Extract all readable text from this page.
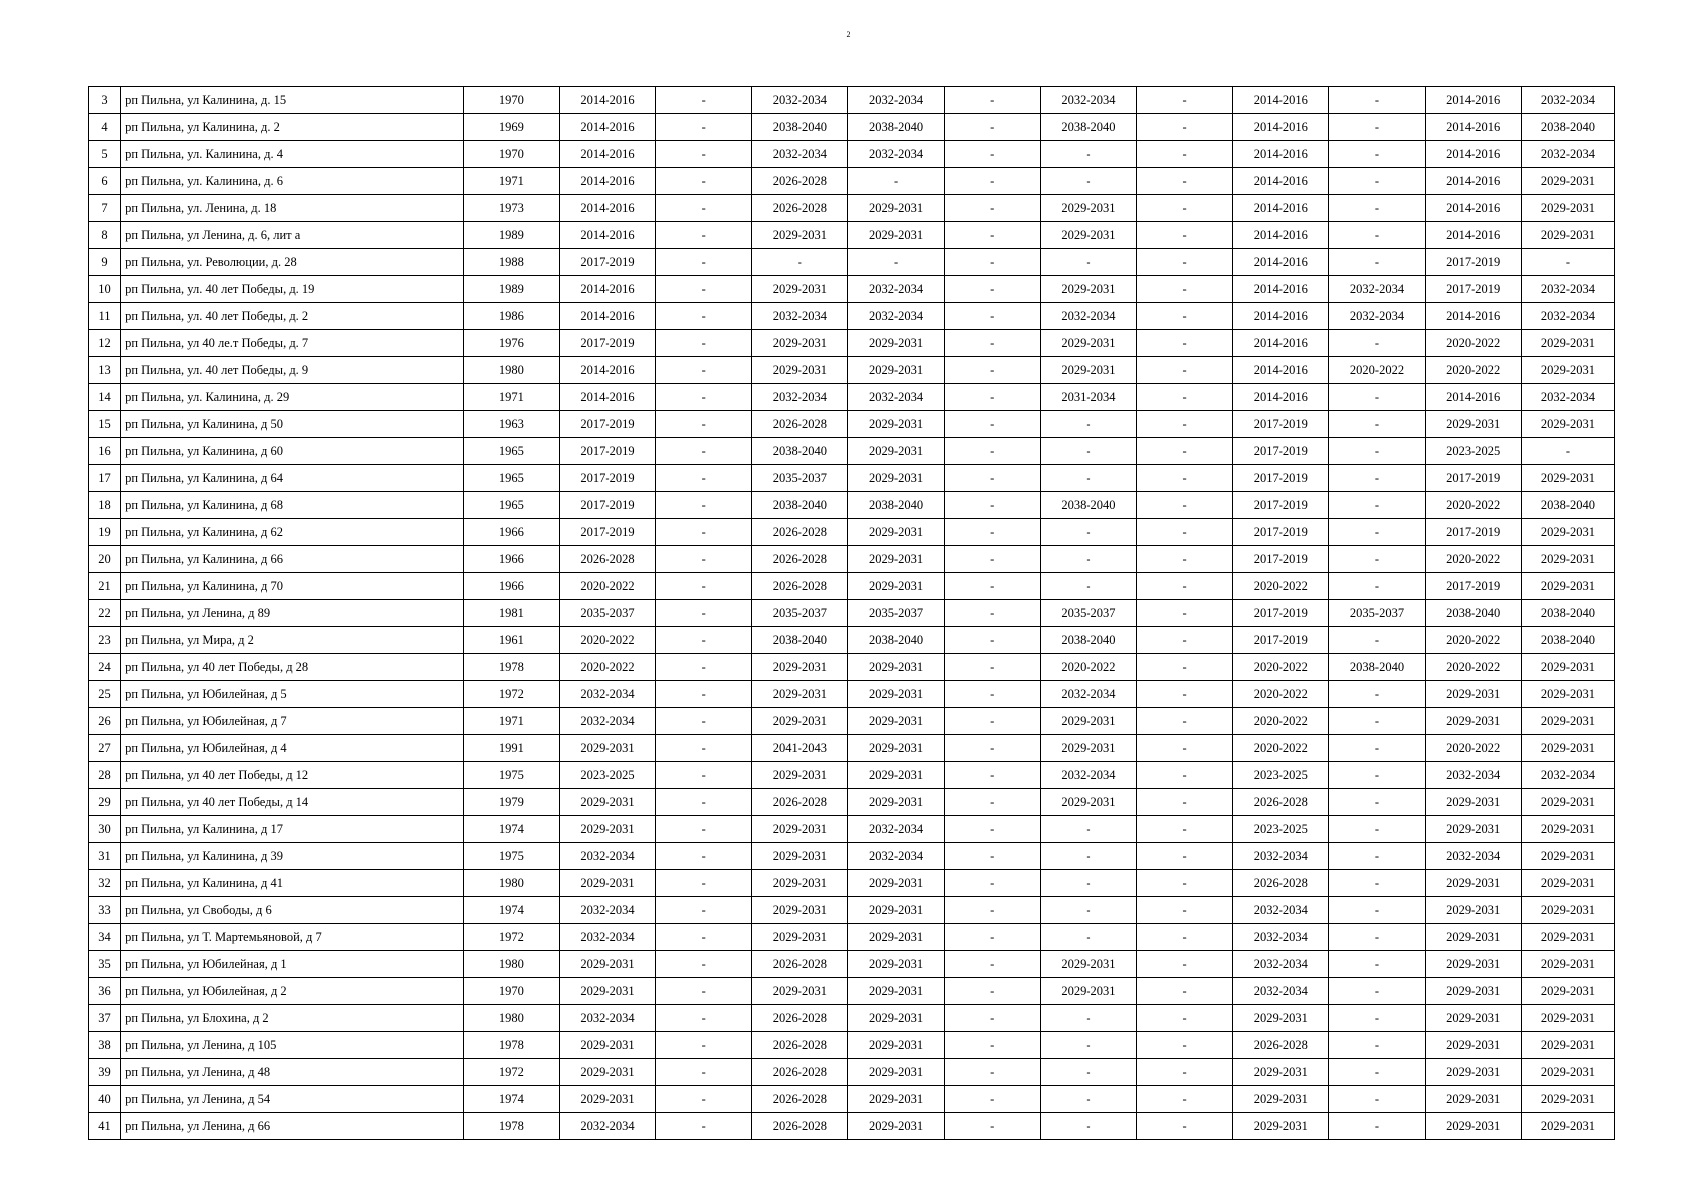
2
3	рп Пильна, ул Калинина, д. 15	1970	2014-2016	-	2032-2034	2032-2034	-	2032-2034	-	2014-2016	-	2014-2016	2032-2034
4	рп Пильна, ул Калинина, д. 2	1969	2014-2016	-	2038-2040	2038-2040	-	2038-2040	-	2014-2016	-	2014-2016	2038-2040
5	рп Пильна, ул. Калинина, д. 4	1970	2014-2016	-	2032-2034	2032-2034	-	-	-	2014-2016	-	2014-2016	2032-2034
6	рп Пильна, ул. Калинина, д. 6	1971	2014-2016	-	2026-2028	-	-	-	-	2014-2016	-	2014-2016	2029-2031
7	рп Пильна, ул. Ленина, д. 18	1973	2014-2016	-	2026-2028	2029-2031	-	2029-2031	-	2014-2016	-	2014-2016	2029-2031
8	рп Пильна, ул Ленина, д. 6, лит а	1989	2014-2016	-	2029-2031	2029-2031	-	2029-2031	-	2014-2016	-	2014-2016	2029-2031
9	рп Пильна, ул. Революции, д. 28	1988	2017-2019	-	-	-	-	-	-	2014-2016	-	2017-2019	-
10	рп Пильна, ул. 40 лет Победы, д. 19	1989	2014-2016	-	2029-2031	2032-2034	-	2029-2031	-	2014-2016	2032-2034	2017-2019	2032-2034
11	рп Пильна, ул. 40 лет Победы, д. 2	1986	2014-2016	-	2032-2034	2032-2034	-	2032-2034	-	2014-2016	2032-2034	2014-2016	2032-2034
12	рп Пильна, ул 40 ле.т Победы, д. 7	1976	2017-2019	-	2029-2031	2029-2031	-	2029-2031	-	2014-2016	-	2020-2022	2029-2031
13	рп Пильна, ул. 40 лет Победы, д. 9	1980	2014-2016	-	2029-2031	2029-2031	-	2029-2031	-	2014-2016	2020-2022	2020-2022	2029-2031
14	рп Пильна, ул. Калинина, д. 29	1971	2014-2016	-	2032-2034	2032-2034	-	2031-2034	-	2014-2016	-	2014-2016	2032-2034
15	рп Пильна, ул Калинина, д 50	1963	2017-2019	-	2026-2028	2029-2031	-	-	-	2017-2019	-	2029-2031	2029-2031
16	рп Пильна, ул Калинина, д 60	1965	2017-2019	-	2038-2040	2029-2031	-	-	-	2017-2019	-	2023-2025	-
17	рп Пильна, ул Калинина, д 64	1965	2017-2019	-	2035-2037	2029-2031	-	-	-	2017-2019	-	2017-2019	2029-2031
18	рп Пильна, ул Калинина, д 68	1965	2017-2019	-	2038-2040	2038-2040	-	2038-2040	-	2017-2019	-	2020-2022	2038-2040
19	рп Пильна, ул Калинина, д 62	1966	2017-2019	-	2026-2028	2029-2031	-	-	-	2017-2019	-	2017-2019	2029-2031
20	рп Пильна, ул Калинина, д 66	1966	2026-2028	-	2026-2028	2029-2031	-	-	-	2017-2019	-	2020-2022	2029-2031
21	рп Пильна, ул Калинина, д 70	1966	2020-2022	-	2026-2028	2029-2031	-	-	-	2020-2022	-	2017-2019	2029-2031
22	рп Пильна, ул Ленина, д 89	1981	2035-2037	-	2035-2037	2035-2037	-	2035-2037	-	2017-2019	2035-2037	2038-2040	2038-2040
23	рп Пильна, ул Мира, д 2	1961	2020-2022	-	2038-2040	2038-2040	-	2038-2040	-	2017-2019	-	2020-2022	2038-2040
24	рп Пильна, ул 40 лет Победы, д 28	1978	2020-2022	-	2029-2031	2029-2031	-	2020-2022	-	2020-2022	2038-2040	2020-2022	2029-2031
25	рп Пильна, ул Юбилейная, д 5	1972	2032-2034	-	2029-2031	2029-2031	-	2032-2034	-	2020-2022	-	2029-2031	2029-2031
26	рп Пильна, ул Юбилейная, д 7	1971	2032-2034	-	2029-2031	2029-2031	-	2029-2031	-	2020-2022	-	2029-2031	2029-2031
27	рп Пильна, ул Юбилейная, д 4	1991	2029-2031	-	2041-2043	2029-2031	-	2029-2031	-	2020-2022	-	2020-2022	2029-2031
28	рп Пильна, ул 40 лет Победы, д 12	1975	2023-2025	-	2029-2031	2029-2031	-	2032-2034	-	2023-2025	-	2032-2034	2032-2034
29	рп Пильна, ул 40 лет Победы, д 14	1979	2029-2031	-	2026-2028	2029-2031	-	2029-2031	-	2026-2028	-	2029-2031	2029-2031
30	рп Пильна, ул Калинина, д 17	1974	2029-2031	-	2029-2031	2032-2034	-	-	-	2023-2025	-	2029-2031	2029-2031
31	рп Пильна, ул Калинина, д 39	1975	2032-2034	-	2029-2031	2032-2034	-	-	-	2032-2034	-	2032-2034	2029-2031
32	рп Пильна, ул Калинина, д 41	1980	2029-2031	-	2029-2031	2029-2031	-	-	-	2026-2028	-	2029-2031	2029-2031
33	рп Пильна, ул Свободы, д 6	1974	2032-2034	-	2029-2031	2029-2031	-	-	-	2032-2034	-	2029-2031	2029-2031
34	рп Пильна, ул Т. Мартемьяновой, д 7	1972	2032-2034	-	2029-2031	2029-2031	-	-	-	2032-2034	-	2029-2031	2029-2031
35	рп Пильна, ул Юбилейная, д 1	1980	2029-2031	-	2026-2028	2029-2031	-	2029-2031	-	2032-2034	-	2029-2031	2029-2031
36	рп Пильна, ул Юбилейная, д 2	1970	2029-2031	-	2029-2031	2029-2031	-	2029-2031	-	2032-2034	-	2029-2031	2029-2031
37	рп Пильна, ул Блохина, д 2	1980	2032-2034	-	2026-2028	2029-2031	-	-	-	2029-2031	-	2029-2031	2029-2031
38	рп Пильна, ул Ленина, д 105	1978	2029-2031	-	2026-2028	2029-2031	-	-	-	2026-2028	-	2029-2031	2029-2031
39	рп Пильна, ул Ленина, д 48	1972	2029-2031	-	2026-2028	2029-2031	-	-	-	2029-2031	-	2029-2031	2029-2031
40	рп Пильна, ул Ленина, д 54	1974	2029-2031	-	2026-2028	2029-2031	-	-	-	2029-2031	-	2029-2031	2029-2031
41	рп Пильна, ул Ленина, д 66	1978	2032-2034	-	2026-2028	2029-2031	-	-	-	2029-2031	-	2029-2031	2029-2031
